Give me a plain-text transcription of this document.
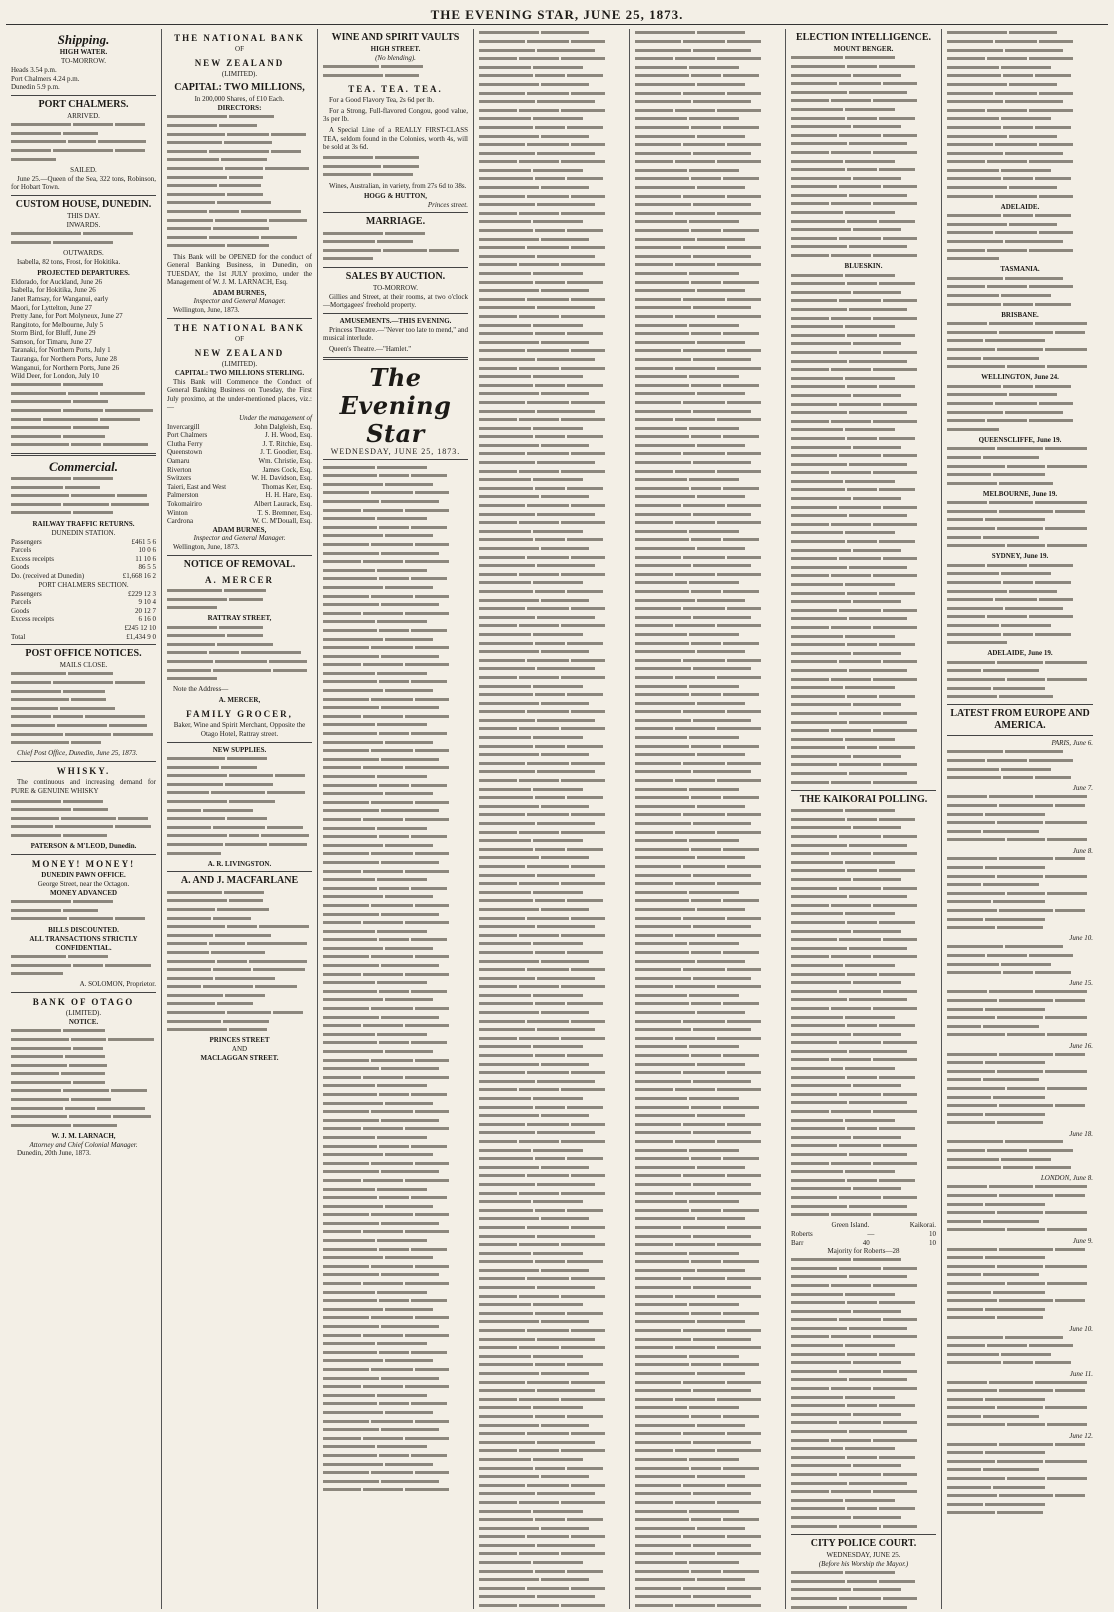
THE EVENING STAR, JUNE 25, 1873.
Shipping.
HIGH WATER.
TO-MORROW.
Heads 3.54 p.m.
Port Chalmers 4.24 p.m.
Dunedin 5.9 p.m.
PORT CHALMERS.
ARRIVED.
SAILED.
June 25.—Queen of the Sea, 322 tons, Robinson, for Hobart Town.
CUSTOM HOUSE, DUNEDIN.
THIS DAY.
INWARDS.
OUTWARDS.
Isabella, 82 tons, Frost, for Hokitika.
PROJECTED DEPARTURES.
Eldorado, for Auckland, June 26
Isabella, for Hokitika, June 26
Janet Ramsay, for Wanganui, early
Maori, for Lyttelton, June 27
Pretty Jane, for Port Molyneux, June 27
Rangitoto, for Melbourne, July 5
Storm Bird, for Bluff, June 29
Samson, for Timaru, June 27
Taranaki, for Northern Ports, July 1
Tauranga, for Northern Ports, June 28
Wanganui, for Northern Ports, June 26
Wild Deer, for London, July 10
Commercial.
RAILWAY TRAFFIC RETURNS.
DUNEDIN STATION.
Passengers	£461 5 6
Parcels	10 0 6
Excess receipts	11 10 6
Goods	86 5 5
Do. (received at Dunedin)	£1,668 16 2
PORT CHALMERS SECTION.
Passengers	£229 12 3
Parcels	9 10 4
Goods	20 12 7
Excess receipts	6 16 0
£245 12 10
Total	£1,434 9 0
POST OFFICE NOTICES.
MAILS CLOSE.
Chief Post Office, Dunedin, June 25, 1873.
WHISKY.
The continuous and increasing demand for PURE & GENUINE WHISKY
PATERSON & M'LEOD, Dunedin.
MONEY! MONEY!
DUNEDIN PAWN OFFICE.
George Street, near the Octagon.
MONEY ADVANCED
BILLS DISCOUNTED.
ALL TRANSACTIONS STRICTLY CONFIDENTIAL.
A. SOLOMON, Proprietor.
BANK OF OTAGO
(LIMITED).
NOTICE.
W. J. M. LARNACH,
Attorney and Chief Colonial Manager.
Dunedin, 20th June, 1873.
THE NATIONAL BANK
OF
NEW ZEALAND
(LIMITED).
CAPITAL: TWO MILLIONS,
In 200,000 Shares, of £10 Each.
DIRECTORS:
This Bank will be OPENED for the conduct of General Banking Business, in Dunedin, on TUESDAY, the 1st JULY proximo, under the Management of W. J. M. LARNACH, Esq.
ADAM BURNES,
Inspector and General Manager.
Wellington, June, 1873.
THE NATIONAL BANK
OF
NEW ZEALAND
(LIMITED).
CAPITAL: TWO MILLIONS STERLING.
This Bank will Commence the Conduct of General Banking Business on Tuesday, the First July proximo, at the under-mentioned places, viz.:—
Under the management of
Invercargill	John Dalgleish, Esq.
Port Chalmers	J. H. Wood, Esq.
Clutha Ferry	J. T. Ritchie, Esq.
Queenstown	J. T. Goodier, Esq.
Oamaru	Wm. Christie, Esq.
Riverton	James Cock, Esq.
Switzers	W. H. Davidson, Esq.
Taieri, East and West	Thomas Ker, Esq.
Palmerston	H. H. Hare, Esq.
Tokomairiro	Albert Laurack, Esq.
Winton	T. S. Bremner, Esq.
Cardrona	W. C. M'Douall, Esq.
ADAM BURNES,
Inspector and General Manager.
Wellington, June, 1873.
NOTICE OF REMOVAL.
A. MERCER
RATTRAY STREET,
Note the Address—
A. MERCER,
FAMILY GROCER,
Baker, Wine and Spirit Merchant, Opposite the Otago Hotel, Rattray street.
NEW SUPPLIES.
A. R. LIVINGSTON.
A. AND J. MACFARLANE
PRINCES STREET
AND
MACLAGGAN STREET.
WINE AND SPIRIT VAULTS
HIGH STREET.
(No blending).
TEA. TEA. TEA.
For a Good Flavory Tea, 2s 6d per lb.
For a Strong, Full-flavored Congou, good value, 3s per lb.
A Special Line of a REALLY FIRST-CLASS TEA, seldom found in the Colonies, worth 4s, will be sold at 3s 6d.
Wines, Australian, in variety, from 27s 6d to 38s.
HOGG & HUTTON,
Princes street.
MARRIAGE.
SALES BY AUCTION.
TO-MORROW.
Gillies and Street, at their rooms, at two o'clock—Mortgagees' freehold property.
AMUSEMENTS.—THIS EVENING.
Princess Theatre.—"Never too late to mend," and musical interlude.
Queen's Theatre.—"Hamlet."
The Evening Star
WEDNESDAY, JUNE 25, 1873.
ELECTION INTELLIGENCE.
MOUNT BENGER.
BLUESKIN.
THE KAIKORAI POLLING.
Green Island.	Kaikorai.
Roberts	—	10
Barr	40	10
Majority for Roberts—28
CITY POLICE COURT.
WEDNESDAY, JUNE 25.
(Before his Worship the Mayor.)
ADELAIDE.
TASMANIA.
BRISBANE.
WELLINGTON, June 24.
QUEENSCLIFFE, June 19.
MELBOURNE, June 19.
SYDNEY, June 19.
ADELAIDE, June 19.
LATEST FROM EUROPE AND AMERICA.
PARIS, June 6.
June 7.
June 8.
June 10.
June 15.
June 16.
June 18.
LONDON, June 8.
June 9.
June 10.
June 11.
June 12.
